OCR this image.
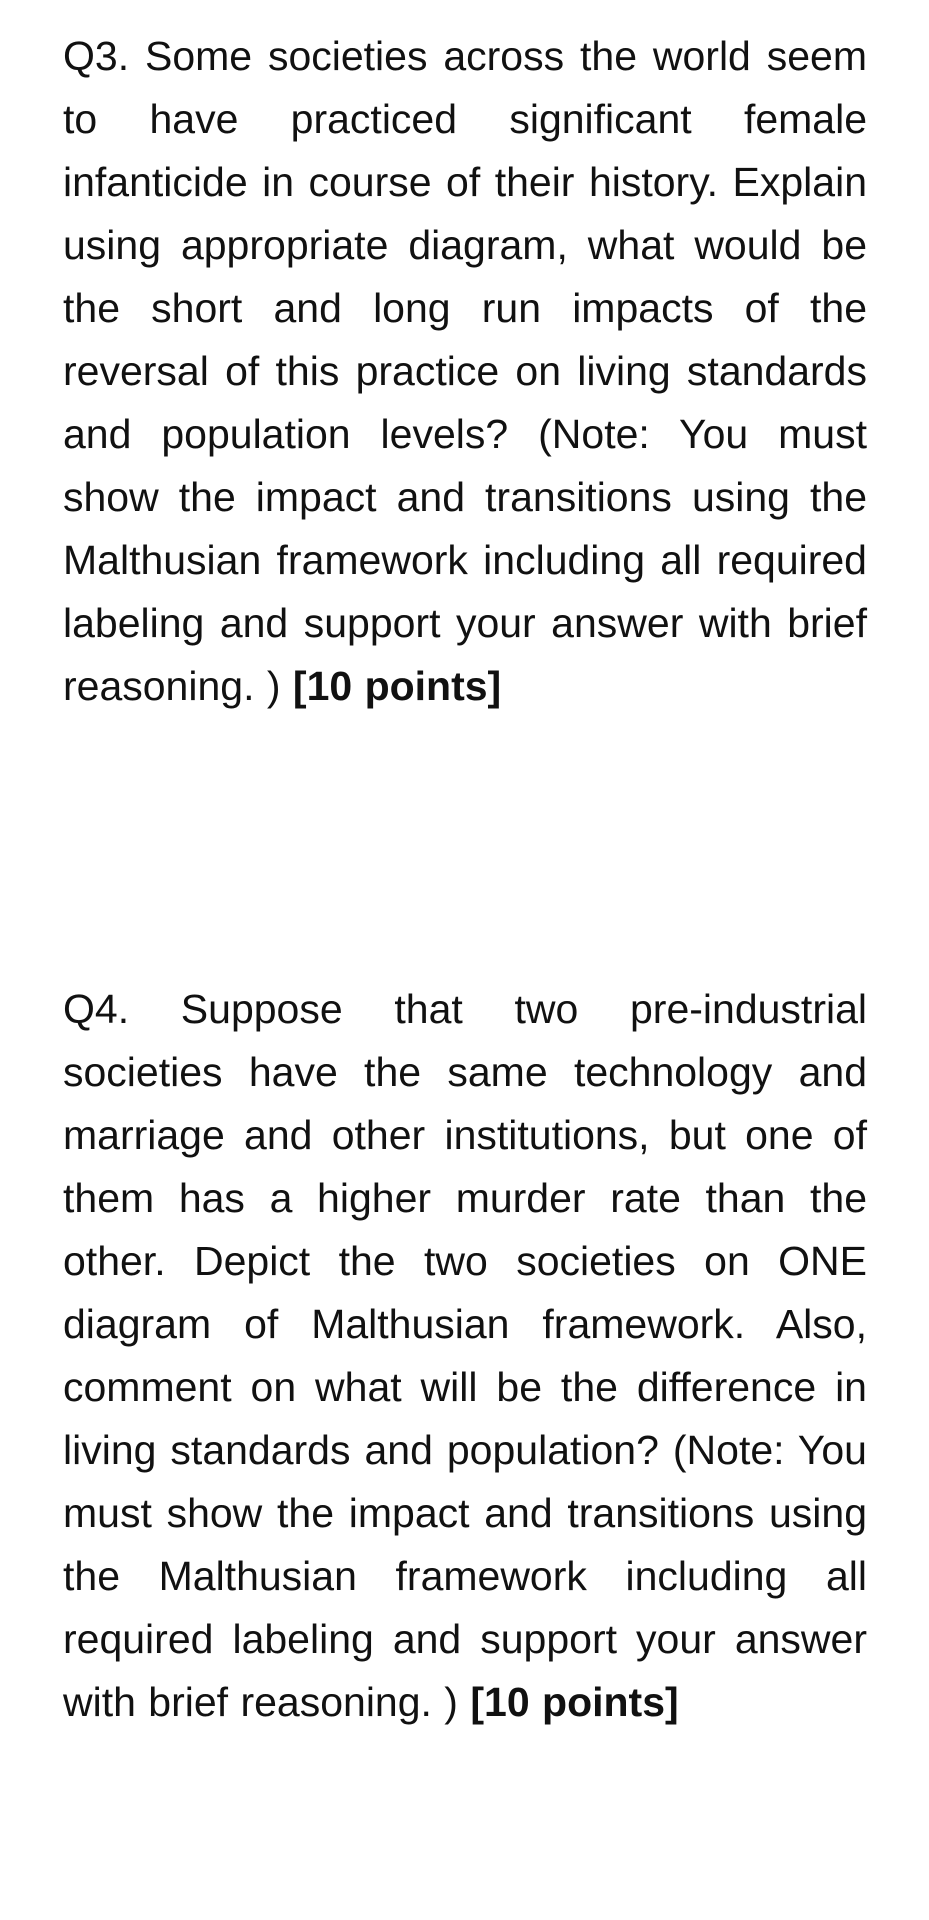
Q3. Some societies across the world seem to have practiced significant female infanticide in course of their history. Explain using appropriate diagram, what would be the short and long run impacts of the reversal of this practice on living standards and population levels? (Note: You must show the impact and transitions using the Malthusian framework including all required labeling and support your answer with brief reasoning. ) [10 points]

Q4. Suppose that two pre-industrial societies have the same technology and marriage and other institutions, but one of them has a higher murder rate than the other. Depict the two societies on ONE diagram of Malthusian framework. Also, comment on what will be the difference in living standards and population? (Note: You must show the impact and transitions using the Malthusian framework including all required labeling and support your answer with brief reasoning. ) [10 points]
